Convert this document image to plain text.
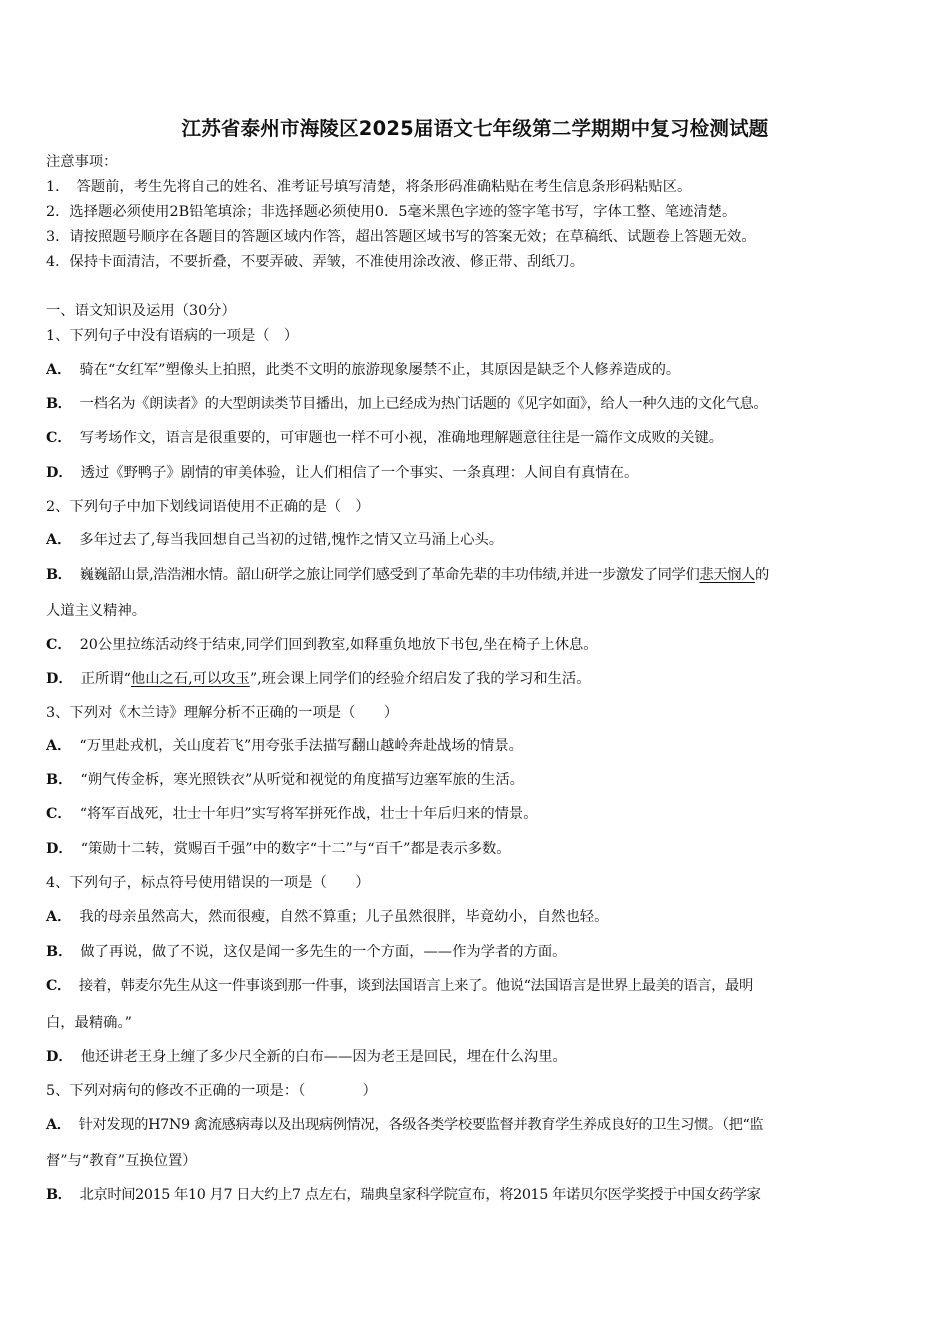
江苏省泰州市海陵区2025届语文七年级第二学期期中复习检测试题
注意事项：
1．　答题前，考生先将自己的姓名、准考证号填写清楚，将条形码准确粘贴在考生信息条形码粘贴区。
2．选择题必须使用2B铅笔填涂；非选择题必须使用0．5毫米黑色字迹的签字笔书写，字体工整、笔迹清楚。
3．请按照题号顺序在各题目的答题区域内作答，超出答题区域书写的答案无效；在草稿纸、试题卷上答题无效。
4．保持卡面清洁，不要折叠，不要弄破、弄皱，不准使用涂改液、修正带、刮纸刀。
一、语文知识及运用（30分）
1、下列句子中没有语病的一项是（　）
A． 骑在“女红军”塑像头上拍照，此类不文明的旅游现象屡禁不止，其原因是缺乏个人修养造成的。
B． 一档名为《朗读者》的大型朗读类节目播出，加上已经成为热门话题的《见字如面》，给人一种久违的文化气息。
C． 写考场作文，语言是很重要的，可审题也一样不可小视，准确地理解题意往往是一篇作文成败的关键。
D． 透过《野鸭子》剧情的审美体验，让人们相信了一个事实、一条真理：人间自有真情在。
2、下列句子中加下划线词语使用不正确的是（　）
A． 多年过去了,每当我回想自己当初的过错,愧怍之情又立马涌上心头。
B． 巍巍韶山景,浩浩湘水情。韶山研学之旅让同学们感受到了革命先辈的丰功伟绩,并进一步激发了同学们悲天悯人的
人道主义精神。
C． 20公里拉练活动终于结束,同学们回到教室,如释重负地放下书包,坐在椅子上休息。
D． 正所谓“他山之石,可以攻玉”,班会课上同学们的经验介绍启发了我的学习和生活。
3、下列对《木兰诗》理解分析不正确的一项是（　　）
A． “万里赴戎机，关山度若飞”用夸张手法描写翻山越岭奔赴战场的情景。
B． “朔气传金柝，寒光照铁衣”从听觉和视觉的角度描写边塞军旅的生活。
C． “将军百战死，壮士十年归”实写将军拼死作战，壮士十年后归来的情景。
D． “策勋十二转，赏赐百千强”中的数字“十二”与“百千”都是表示多数。
4、下列句子，标点符号使用错误的一项是（　　）
A． 我的母亲虽然高大，然而很瘦，自然不算重；儿子虽然很胖，毕竟幼小，自然也轻。
B． 做了再说，做了不说，这仅是闻一多先生的一个方面，——作为学者的方面。
C． 接着，韩麦尔先生从这一件事谈到那一件事，谈到法国语言上来了。他说“法国语言是世界上最美的语言，最明
白，最精确。”
D． 他还讲老王身上缠了多少尺全新的白布——因为老王是回民，埋在什么沟里。
5、下列对病句的修改不正确的一项是：（　　　　）
A． 针对发现的H7N9 禽流感病毒以及出现病例情况，各级各类学校要监督并教育学生养成良好的卫生习惯。（把“监
督”与“教育”互换位置）
B． 北京时间2015 年10 月7 日大约上7 点左右，瑞典皇家科学院宣布，将2015 年诺贝尔医学奖授于中国女药学家
